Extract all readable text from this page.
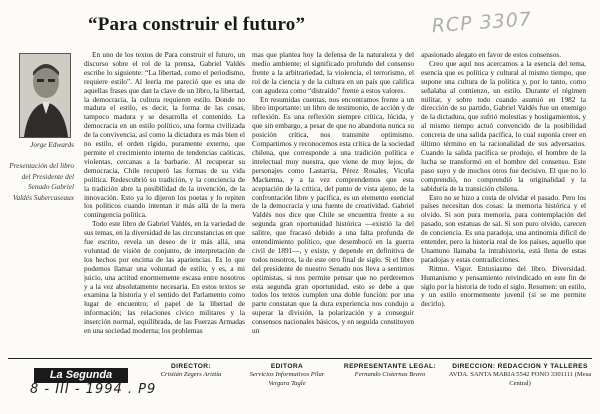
“Para construir el futuro”	RCP 3307
Jorge Edwards
Presentación del libro del Presidente del Senado Gabriel Valdés Subercaseaux

En uno de los textos de Para construir el futuro, un discurso sobre el rol de la prensa, Gabriel Valdés escribe lo siguiente: “La libertad, como el periodismo, requiere estilo”. Al leerla me pareció que es una de aquellas frases que dan la clave de un libro, la libertad, la democracia, la cultura requieren estilo. Donde no madura el estilo, es decir, la forma de las cosas, tampoco madura y se desarrolla el contenido. La democracia en un estilo político, una forma civilizada de la convivencia, así como la dictadura es más bien el no estilo, el orden rígido, puramente externo, que permite el crecimiento interno de tendencias caóticas, violentas, cercanas a la barbarie. Al recuperar su democracia, Chile recuperó las formas de su vida política. Redescubrió su tradición, y la conciencia de la tradición abre la posibilidad de la invención, de la innovación. Esto ya lo dijeron los poetas y lo repiten los políticos cuando intentan ir más allá de la mera contingencia política.

Todo este libro de Gabriel Valdés, en la variedad de sus temas, en la diversidad de las circunstancias en que fue escrito, revela un deseo de ir más allá, una voluntad de visión de conjunto, de interpretación de los hechos por encima de las apariencias. Es lo que podemos llamar una voluntad de estilo, y es, a mi juicio, una actitud enormemente escasa entre nosotros y a la vez absolutamente necesaria. En estos textos se examina la historia y el sentido del Parlamento como lugar de encuentro; el papel de la libertad de información; las relaciones cívico militares y la inserción normal, equilibrada, de las Fuerzas Armadas en una sociedad moderna; los problemas

mas que plantea hoy la defensa de la naturaleza y del medio ambiente; el significado profundo del consenso frente a la arbitrariedad, la violencia, el terrorismo, el rol de la ciencia y de la cultura en un país que califica con agudeza como “distraído” frente a estos valores.

En resumidas cuentas, nos encontramos frente a un libro importante: un libro de testimonio, de acción y de reflexión. Es una reflexión siempre crítica, lúcida, y que sin embargo, a pesar de que no abandona nunca su posición crítica, nos transmite optimismo. Compartimos y reconocemos esta crítica de la sociedad chilena, que corresponde a una tradición política e intelectual muy nuestra, que viene de muy lejos, de personajes como Lastarria, Pérez Rosales, Vicuña Mackenna, y a la vez comprendemos que esta aceptación de la crítica, del punto de vista ajeno, de la confrontación libre y pacífica, es un elemento esencial de la democracia y una fuente de creatividad. Gabriel Valdés nos dice que Chile se encuentra frente a su segunda gran oportunidad histórica —existió la del salitre, que fracasó debido a una falta profunda de entendimiento político, que desembocó en la guerra civil de 1891—, y existe, y depende en definitiva de todos nosotros, la de este otro final de siglo. Si el libro del presidente de nuestro Senado nos lleva a sentirnos optimistas, si nos permite pensar que no perderemos esta segunda gran oportunidad, esto se debe a que todos los textos cumplen una doble función: por una parte constatan que la dura experiencia nos condujo a superar la división, la polarización y a conseguir consensos nacionales básicos, y en seguida constituyen un

apasionado alegato en favor de estos consensos.

Creo que aquí nos acercamos a la esencia del tema, esencia que es política y cultural al mismo tiempo, que supone una cultura de la política y, por lo tanto, como señalaba al comienzo, un estilo. Durante el régimen militar, y sobre todo cuando asumió en 1982 la dirección de su partido, Gabriel Valdés fue un enemigo de la dictadura, que sufrió molestias y hostigamientos, y al mismo tiempo actuó convencido de la posibilidad concreta de una salida pacífica, lo cual suponía creer en último término en la racionalidad de sus adversarios. Cuando la salida pacífica se produjo, el hombre de la lucha se transformó en el hombre del consenso. Este paso suyo y de muchos otros fue decisivo. El que no lo comprendió, no comprendió la originalidad y la sabiduría de la transición chilena.

Esto no se hizo a costa de olvidar el pasado. Pero los países necesitan dos cosas: la memoria histórica y el olvido. Si son pura memoria, para contemplación del pasado, son estatuas de sal. Si son puro olvido, carecen de conciencia. Es una paradoja, una antinomia difícil de entender, pero la historia real de los países, aquello que Unamuno llamaba la intrahistoria, está llena de estas paradojas y estas contradicciones.

Ritmo. Vigor. Entusiasmo del libro. Diversidad. Humanismo y pensamiento reivindicado en este fin de siglo por la historia de todo el siglo. Resumen: un estilo, y un estilo enormemente juvenil (si se me permite decirlo).

La Segunda
8 - III - 1994 . P9
DIRECTOR:
Cristián Zegers Ariztía
EDITORA
Servicios Informativos Pilar Vergara Tagle
REPRESENTANTE LEGAL:
Fernando Cisternas Bravo
DIRECCION: REDACCION Y TALLERES
AVDA. SANTA MARIA 5542 FONO 3301111 (Mesa Central)
